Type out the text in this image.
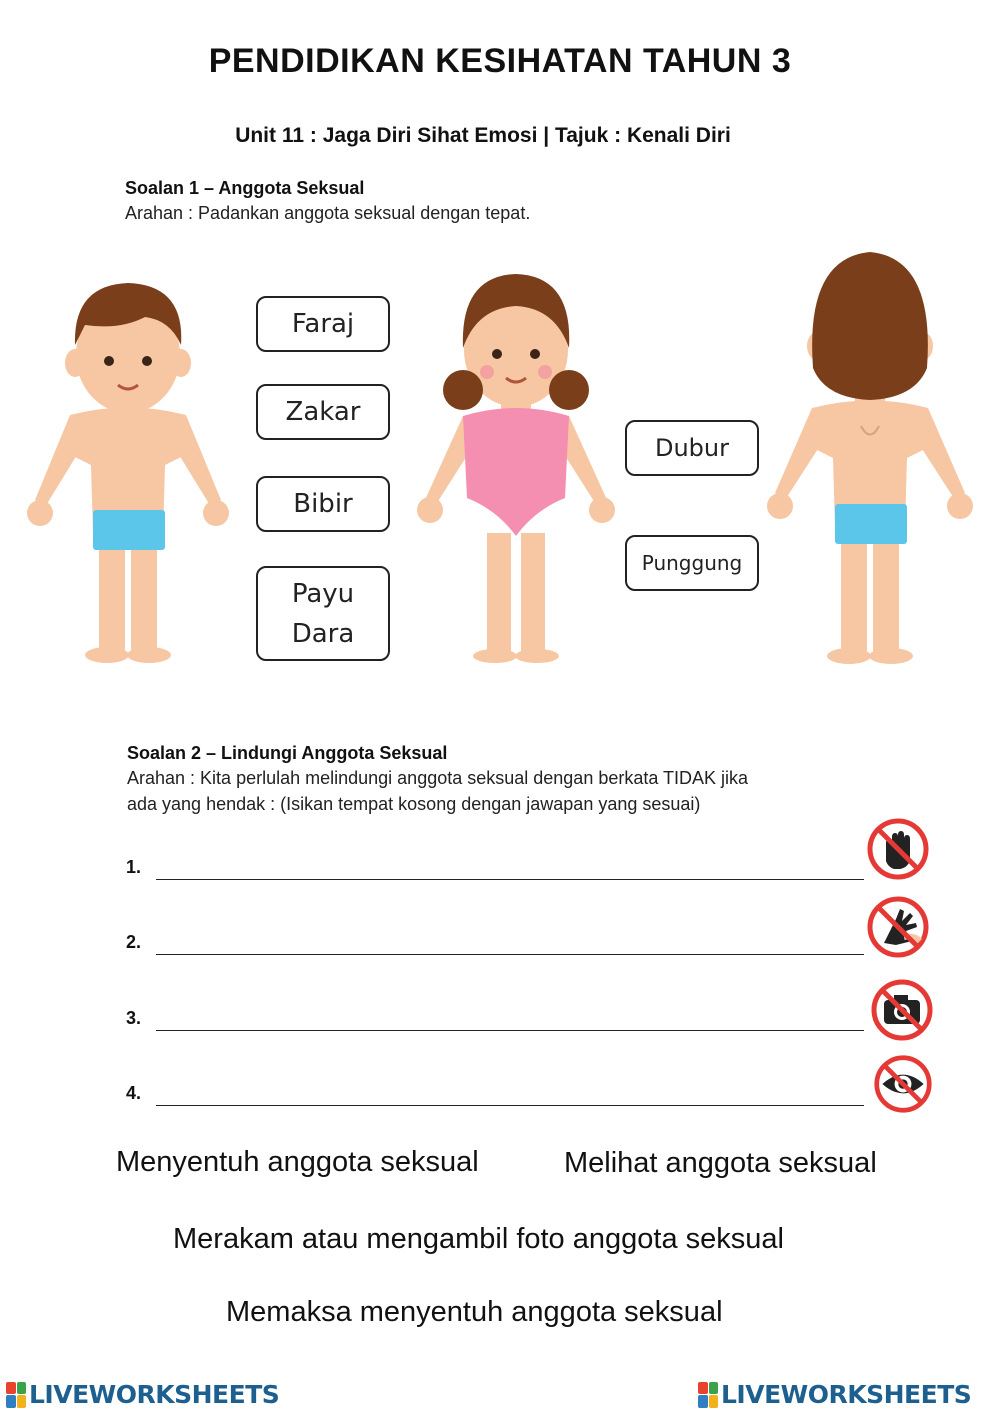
PENDIDIKAN KESIHATAN TAHUN 3
Unit 11 : Jaga Diri Sihat Emosi | Tajuk : Kenali Diri
Soalan 1 – Anggota Seksual
Arahan : Padankan anggota seksual dengan tepat.
Faraj
Zakar
Bibir
Payu
Dara
Dubur
Punggung
Soalan 2 – Lindungi Anggota Seksual
Arahan : Kita perlulah melindungi anggota seksual dengan berkata TIDAK jika
ada yang hendak : (Isikan tempat kosong dengan jawapan yang sesuai)
1.
2.
3.
4.
Menyentuh anggota seksual	Melihat anggota seksual
Merakam atau mengambil foto anggota seksual
Memaksa menyentuh anggota seksual
LIVEWORKSHEETS	LIVEWORKSHEETS
